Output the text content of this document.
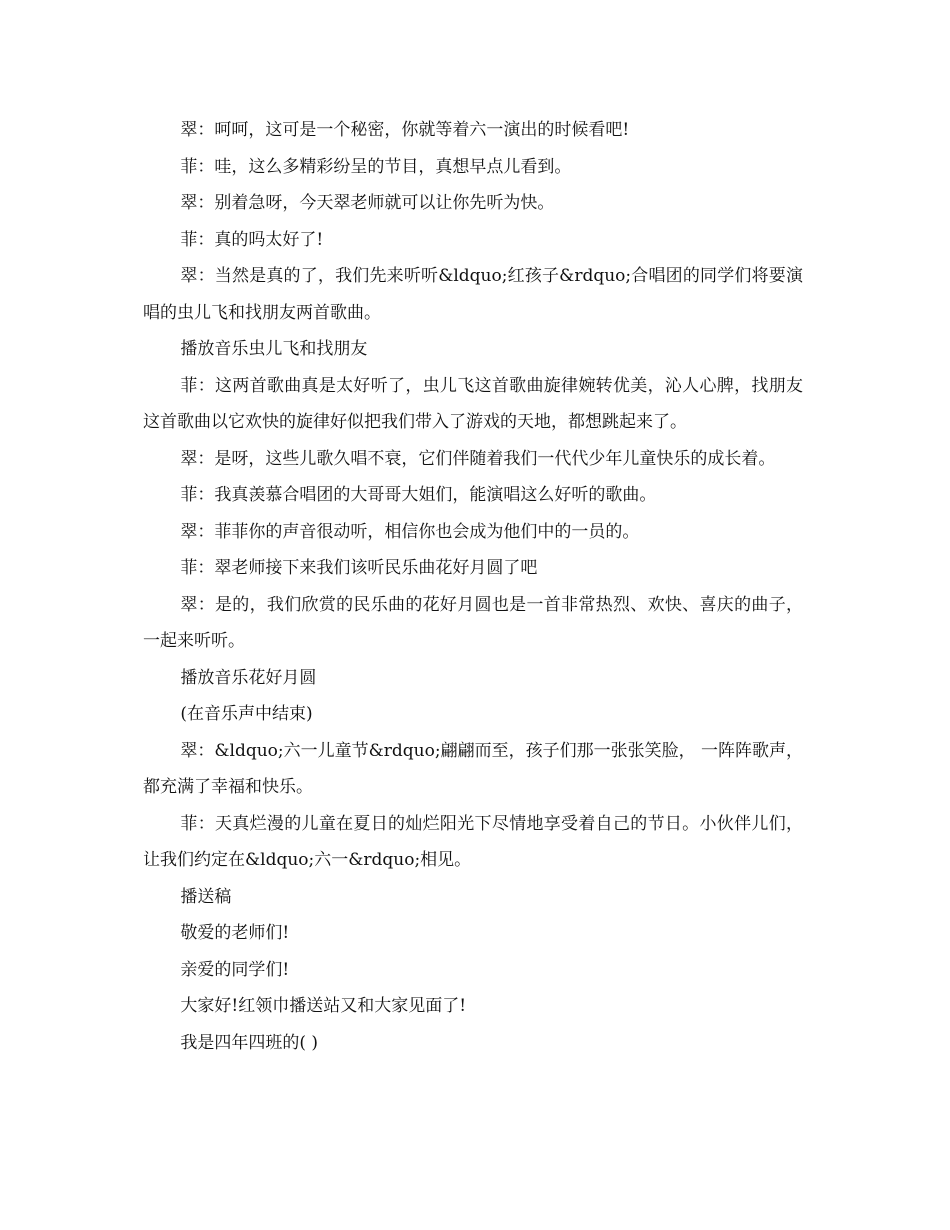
翠：呵呵，这可是一个秘密，你就等着六一演出的时候看吧!

菲：哇，这么多精彩纷呈的节目，真想早点儿看到。

翠：别着急呀，今天翠老师就可以让你先听为快。

菲：真的吗太好了!

翠：当然是真的了，我们先来听听&ldquo;红孩子&rdquo;合唱团的同学们将要演唱的虫儿飞和找朋友两首歌曲。

播放音乐虫儿飞和找朋友

菲：这两首歌曲真是太好听了，虫儿飞这首歌曲旋律婉转优美，沁人心脾，找朋友这首歌曲以它欢快的旋律好似把我们带入了游戏的天地，都想跳起来了。

翠：是呀，这些儿歌久唱不衰，它们伴随着我们一代代少年儿童快乐的成长着。

菲：我真羡慕合唱团的大哥哥大姐们，能演唱这么好听的歌曲。

翠：菲菲你的声音很动听，相信你也会成为他们中的一员的。

菲：翠老师接下来我们该听民乐曲花好月圆了吧

翠：是的，我们欣赏的民乐曲的花好月圆也是一首非常热烈、欢快、喜庆的曲子，一起来听听。

播放音乐花好月圆

(在音乐声中结束)

翠：&ldquo;六一儿童节&rdquo;翩翩而至，孩子们那一张张笑脸， 一阵阵歌声，都充满了幸福和快乐。

菲：天真烂漫的儿童在夏日的灿烂阳光下尽情地享受着自己的节日。小伙伴儿们，让我们约定在&ldquo;六一&rdquo;相见。

播送稿

敬爱的老师们!

亲爱的同学们!

大家好!红领巾播送站又和大家见面了!

我是四年四班的( )
